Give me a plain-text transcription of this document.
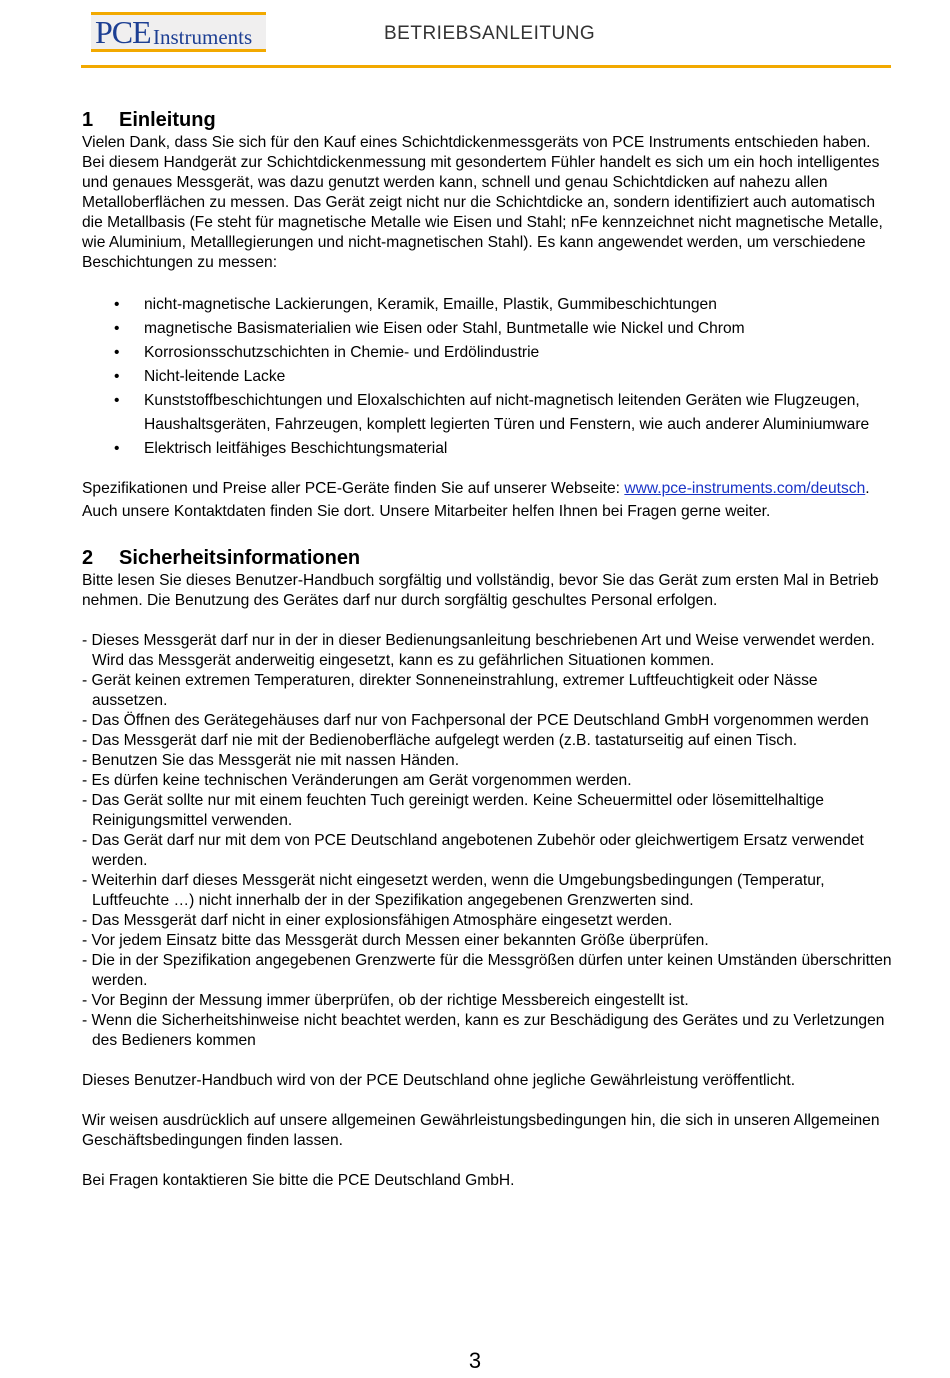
PCE Instruments	BETRIEBSANLEITUNG
1 Einleitung

Vielen Dank, dass Sie sich für den Kauf eines Schichtdickenmessgeräts von PCE Instruments entschieden haben.

Bei diesem Handgerät zur Schichtdickenmessung mit gesondertem Fühler handelt es sich um ein hoch intelligentes und genaues Messgerät, was dazu genutzt werden kann, schnell und genau Schichtdicken auf nahezu allen Metalloberflächen zu messen. Das Gerät zeigt nicht nur die Schichtdicke an, sondern identifiziert auch automatisch die Metallbasis (Fe steht für magnetische Metalle wie Eisen und Stahl; nFe kennzeichnet nicht magnetische Metalle, wie Aluminium, Metalllegierungen und nicht-magnetischen Stahl). Es kann angewendet werden, um verschiedene Beschichtungen zu messen:

• nicht-magnetische Lackierungen, Keramik, Emaille, Plastik, Gummibeschichtungen
• magnetische Basismaterialien wie Eisen oder Stahl, Buntmetalle wie Nickel und Chrom
• Korrosionsschutzschichten in Chemie- und Erdölindustrie
• Nicht-leitende Lacke
• Kunststoffbeschichtungen und Eloxalschichten auf nicht-magnetisch leitenden Geräten wie Flugzeugen, Haushaltsgeräten, Fahrzeugen, komplett legierten Türen und Fenstern, wie auch anderer Aluminiumware
• Elektrisch leitfähiges Beschichtungsmaterial

Spezifikationen und Preise aller PCE-Geräte finden Sie auf unserer Webseite: www.pce-instruments.com/deutsch. Auch unsere Kontaktdaten finden Sie dort. Unsere Mitarbeiter helfen Ihnen bei Fragen gerne weiter.

2 Sicherheitsinformationen

Bitte lesen Sie dieses Benutzer-Handbuch sorgfältig und vollständig, bevor Sie das Gerät zum ersten Mal in Betrieb nehmen. Die Benutzung des Gerätes darf nur durch sorgfältig geschultes Personal erfolgen.

- Dieses Messgerät darf nur in der in dieser Bedienungsanleitung beschriebenen Art und Weise verwendet werden. Wird das Messgerät anderweitig eingesetzt, kann es zu gefährlichen Situationen kommen.
- Gerät keinen extremen Temperaturen, direkter Sonneneinstrahlung, extremer Luftfeuchtigkeit oder Nässe aussetzen.
- Das Öffnen des Gerätegehäuses darf nur von Fachpersonal der PCE Deutschland GmbH vorgenommen werden
- Das Messgerät darf nie mit der Bedienoberfläche aufgelegt werden (z.B. tastaturseitig auf einen Tisch.
- Benutzen Sie das Messgerät nie mit nassen Händen.
- Es dürfen keine technischen Veränderungen am Gerät vorgenommen werden.
- Das Gerät sollte nur mit einem feuchten Tuch gereinigt werden. Keine Scheuermittel oder lösemittelhaltige Reinigungsmittel verwenden.
- Das Gerät darf nur mit dem von PCE Deutschland angebotenen Zubehör oder gleichwertigem Ersatz verwendet werden.
- Weiterhin darf dieses Messgerät nicht eingesetzt werden, wenn die Umgebungsbedingungen (Temperatur, Luftfeuchte …) nicht innerhalb der in der Spezifikation angegebenen Grenzwerten sind.
- Das Messgerät darf nicht in einer explosionsfähigen Atmosphäre eingesetzt werden.
- Vor jedem Einsatz bitte das Messgerät durch Messen einer bekannten Größe überprüfen.
- Die in der Spezifikation angegebenen Grenzwerte für die Messgrößen dürfen unter keinen Umständen überschritten werden.
- Vor Beginn der Messung immer überprüfen, ob der richtige Messbereich eingestellt ist.
- Wenn die Sicherheitshinweise nicht beachtet werden, kann es zur Beschädigung des Gerätes und zu Verletzungen des Bedieners kommen

Dieses Benutzer-Handbuch wird von der PCE Deutschland ohne jegliche Gewährleistung veröffentlicht.

Wir weisen ausdrücklich auf unsere allgemeinen Gewährleistungsbedingungen hin, die sich in unseren Allgemeinen Geschäftsbedingungen finden lassen.

Bei Fragen kontaktieren Sie bitte die PCE Deutschland GmbH.

3
